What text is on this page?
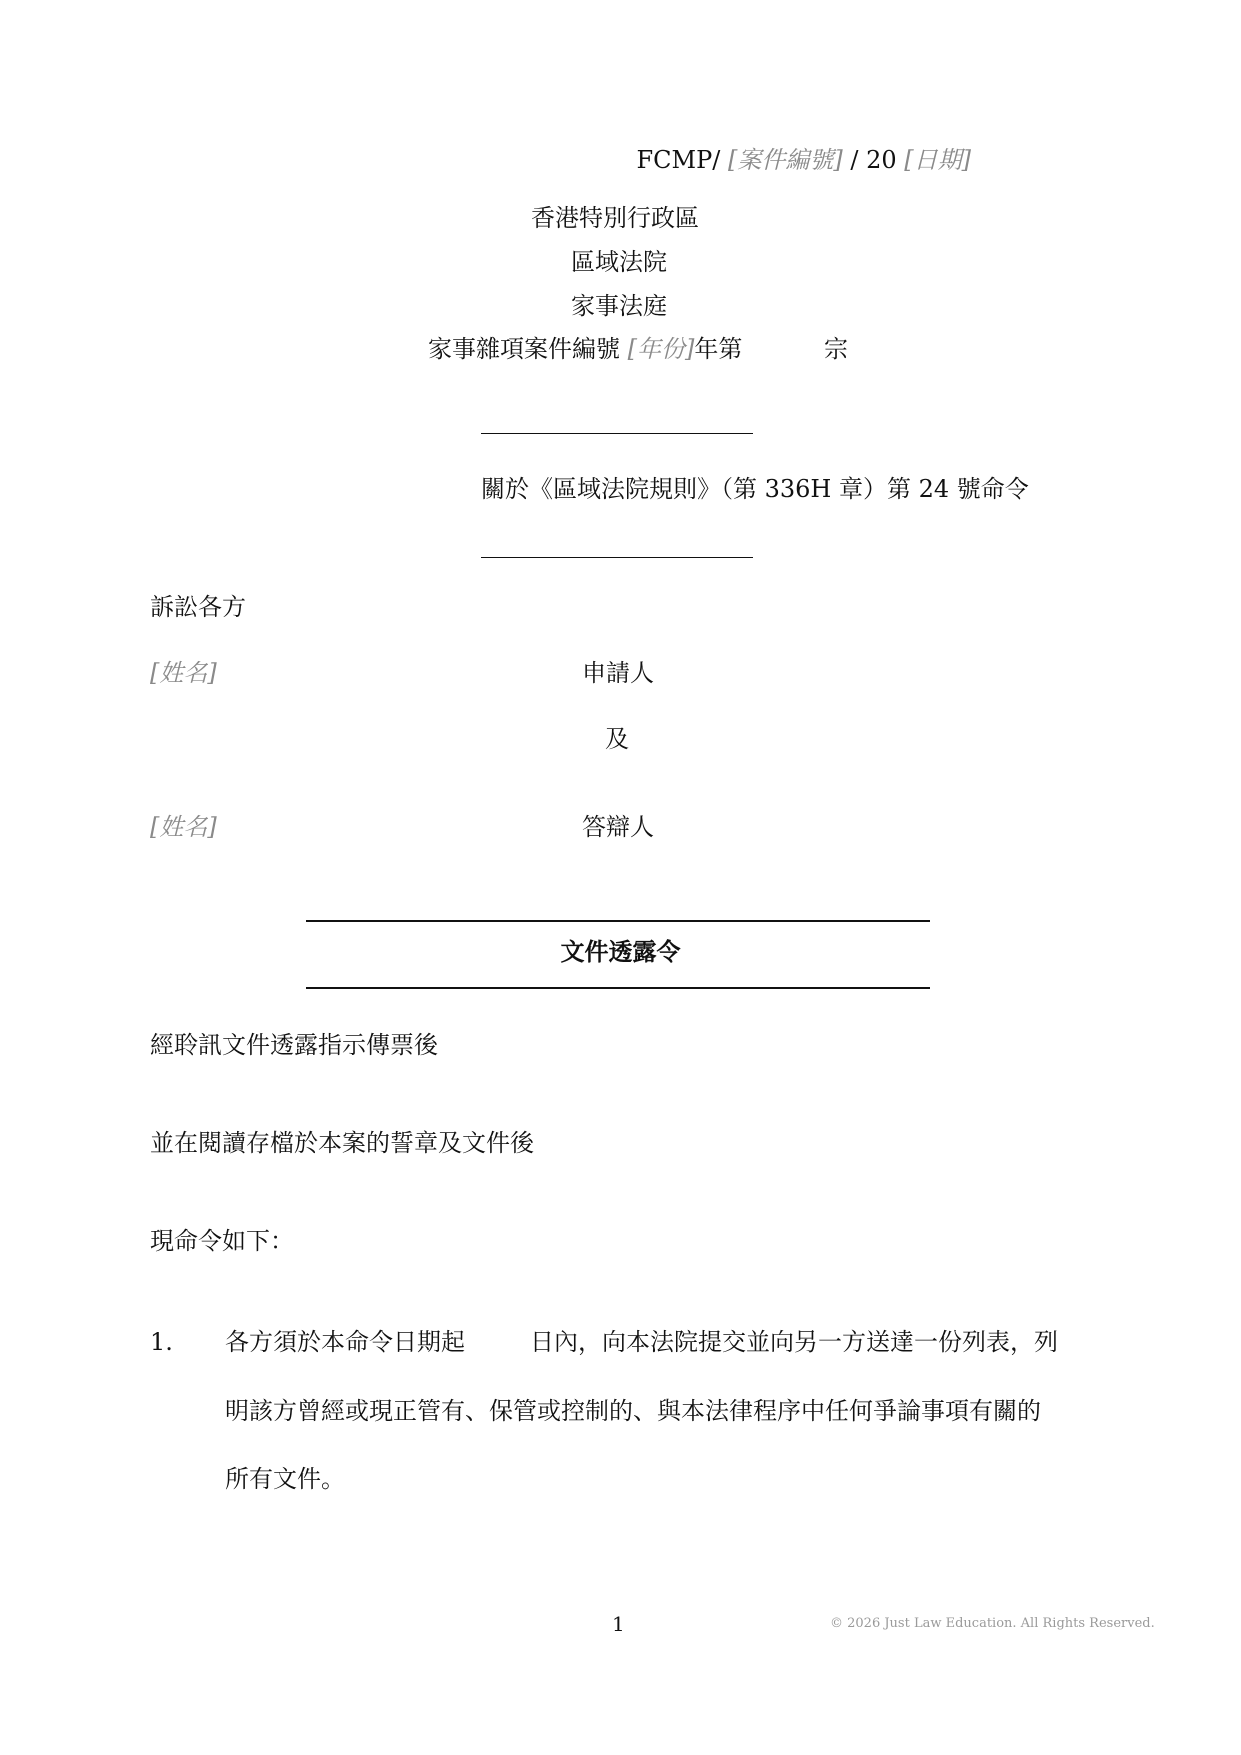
FCMP/ [案件編號] / 20 [日期]
香港特別行政區
區域法院
家事法庭
家事雜項案件編號 [年份]年第	宗
關於《區域法院規則》（第 336H 章）第 24 號命令
訴訟各方
[姓名]	申請人
及
[姓名]	答辯人
文件透露令
經聆訊文件透露指示傳票後
並在閱讀存檔於本案的誓章及文件後
現命令如下：
1. 各方須於本命令日期起	日內，向本法院提交並向另一方送達一份列表，列
明該方曾經或現正管有、保管或控制的、與本法律程序中任何爭論事項有關的
所有文件。
1	© 2026 Just Law Education. All Rights Reserved.
